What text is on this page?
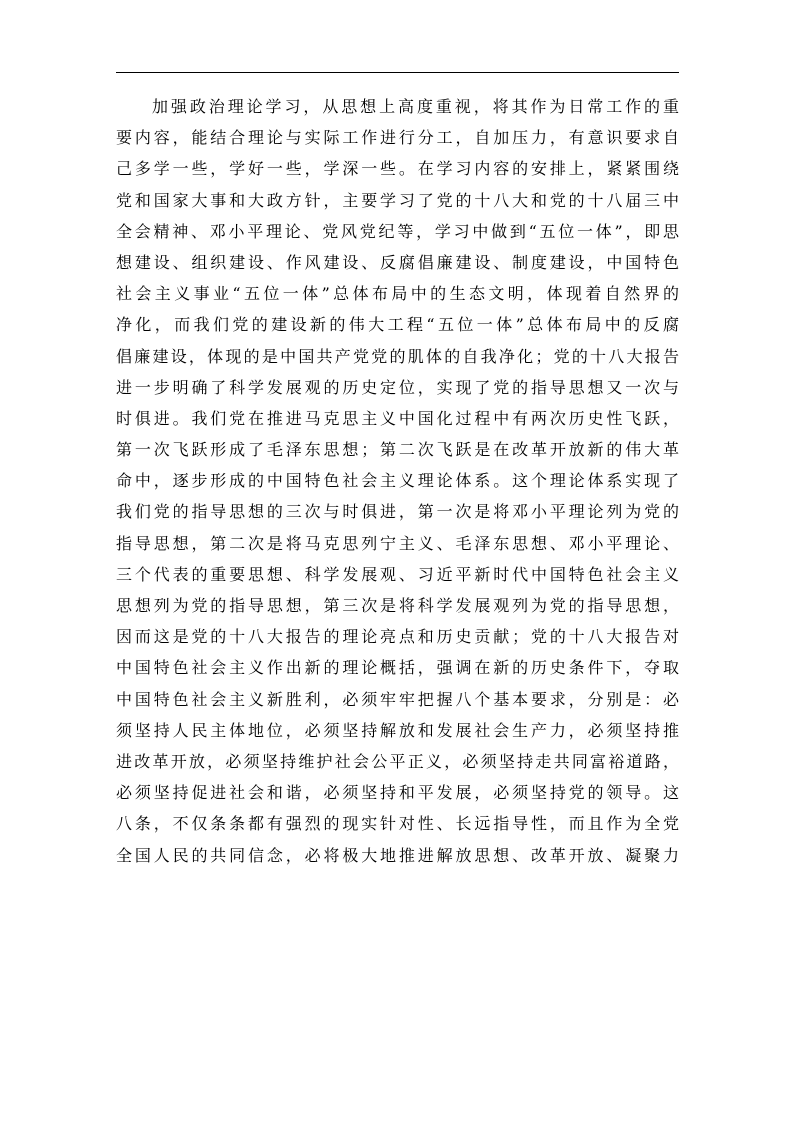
加强政治理论学习，从思想上高度重视，将其作为日常工作的重
要内容，能结合理论与实际工作进行分工，自加压力，有意识要求自
己多学一些，学好一些，学深一些。在学习内容的安排上，紧紧围绕
党和国家大事和大政方针，主要学习了党的十八大和党的十八届三中
全会精神、邓小平理论、党风党纪等，学习中做到“五位一体”，即思
想建设、组织建设、作风建设、反腐倡廉建设、制度建设，中国特色
社会主义事业“五位一体”总体布局中的生态文明，体现着自然界的
净化，而我们党的建设新的伟大工程“五位一体”总体布局中的反腐
倡廉建设，体现的是中国共产党党的肌体的自我净化；党的十八大报告
进一步明确了科学发展观的历史定位，实现了党的指导思想又一次与
时俱进。我们党在推进马克思主义中国化过程中有两次历史性飞跃，
第一次飞跃形成了毛泽东思想；第二次飞跃是在改革开放新的伟大革
命中，逐步形成的中国特色社会主义理论体系。这个理论体系实现了
我们党的指导思想的三次与时俱进，第一次是将邓小平理论列为党的
指导思想，第二次是将马克思列宁主义、毛泽东思想、邓小平理论、
三个代表的重要思想、科学发展观、习近平新时代中国特色社会主义
思想列为党的指导思想，第三次是将科学发展观列为党的指导思想，
因而这是党的十八大报告的理论亮点和历史贡献；党的十八大报告对
中国特色社会主义作出新的理论概括，强调在新的历史条件下，夺取
中国特色社会主义新胜利，必须牢牢把握八个基本要求，分别是：必
须坚持人民主体地位，必须坚持解放和发展社会生产力，必须坚持推
进改革开放，必须坚持维护社会公平正义，必须坚持走共同富裕道路，
必须坚持促进社会和谐，必须坚持和平发展，必须坚持党的领导。这
八条，不仅条条都有强烈的现实针对性、长远指导性，而且作为全党
全国人民的共同信念，必将极大地推进解放思想、改革开放、凝聚力
